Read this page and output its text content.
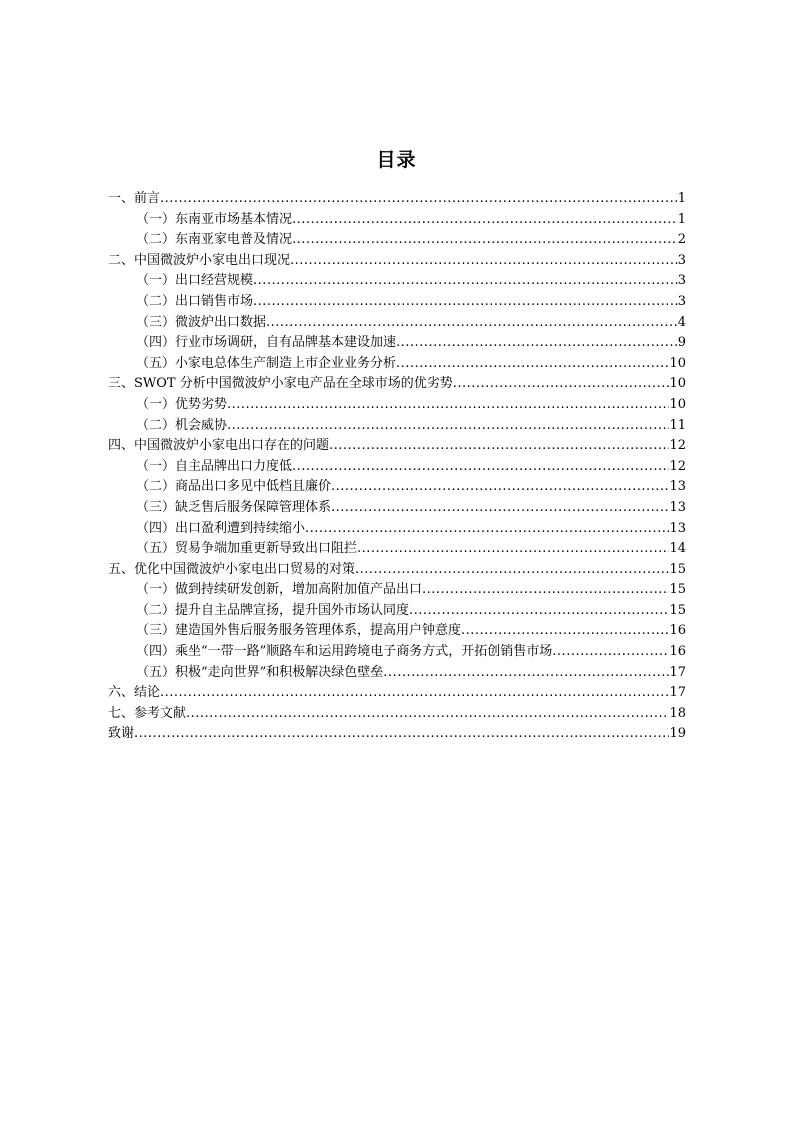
目录
一、前言 .....	1
（一）东南亚市场基本情况 .....	1
（二）东南亚家电普及情况 .....	2
二、中国微波炉小家电出口现况 .....	3
（一）出口经营规模 .....	3
（二）出口销售市场 .....	3
（三）微波炉出口数据 .....	4
（四）行业市场调研，自有品牌基本建设加速 .....	9
（五）小家电总体生产制造上市企业业务分析 .....	10
三、SWOT 分析中国微波炉小家电产品在全球市场的优劣势 .....	10
（一）优势劣势 .....	10
（二）机会威协 .....	11
四、中国微波炉小家电出口存在的问题 .....	12
（一）自主品牌出口力度低 .....	12
（二）商品出口多见中低档且廉价 .....	13
（三）缺乏售后服务保障管理体系 .....	13
（四）出口盈利遭到持续缩小 .....	13
（五）贸易争端加重更新导致出口阻拦 .....	14
五、优化中国微波炉小家电出口贸易的对策 .....	15
（一）做到持续研发创新，增加高附加值产品出口 .....	15
（二）提升自主品牌宣扬，提升国外市场认同度 .....	15
（三）建造国外售后服务服务管理体系，提高用户钟意度 .....	16
（四）乘坐“一带一路”顺路车和运用跨境电子商务方式，开拓创销售市场 .....	16
（五）积极“走向世界”和积极解决绿色壁垒 .....	17
六、结论 .....	17
七、参考文献 .....	18
致谢 .....	19
